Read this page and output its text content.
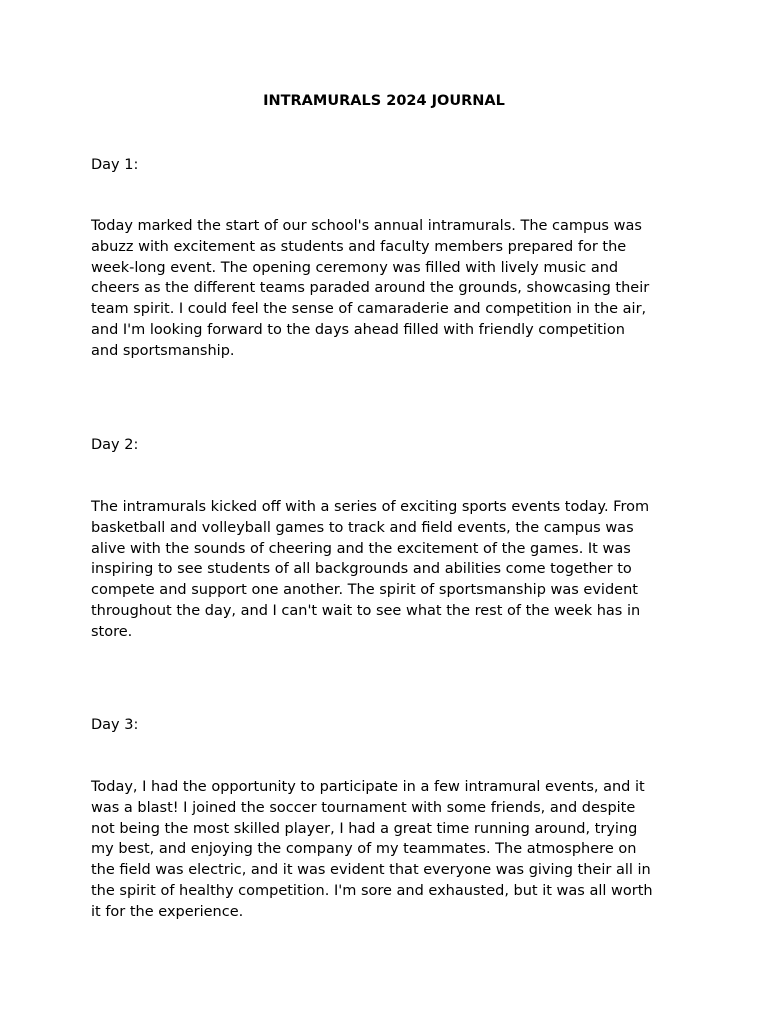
INTRAMURALS 2024 JOURNAL

Day 1:

Today marked the start of our school's annual intramurals. The campus was
abuzz with excitement as students and faculty members prepared for the
week-long event. The opening ceremony was filled with lively music and
cheers as the different teams paraded around the grounds, showcasing their
team spirit. I could feel the sense of camaraderie and competition in the air,
and I'm looking forward to the days ahead filled with friendly competition
and sportsmanship.

Day 2:

The intramurals kicked off with a series of exciting sports events today. From
basketball and volleyball games to track and field events, the campus was
alive with the sounds of cheering and the excitement of the games. It was
inspiring to see students of all backgrounds and abilities come together to
compete and support one another. The spirit of sportsmanship was evident
throughout the day, and I can't wait to see what the rest of the week has in
store.

Day 3:

Today, I had the opportunity to participate in a few intramural events, and it
was a blast! I joined the soccer tournament with some friends, and despite
not being the most skilled player, I had a great time running around, trying
my best, and enjoying the company of my teammates. The atmosphere on
the field was electric, and it was evident that everyone was giving their all in
the spirit of healthy competition. I'm sore and exhausted, but it was all worth
it for the experience.
